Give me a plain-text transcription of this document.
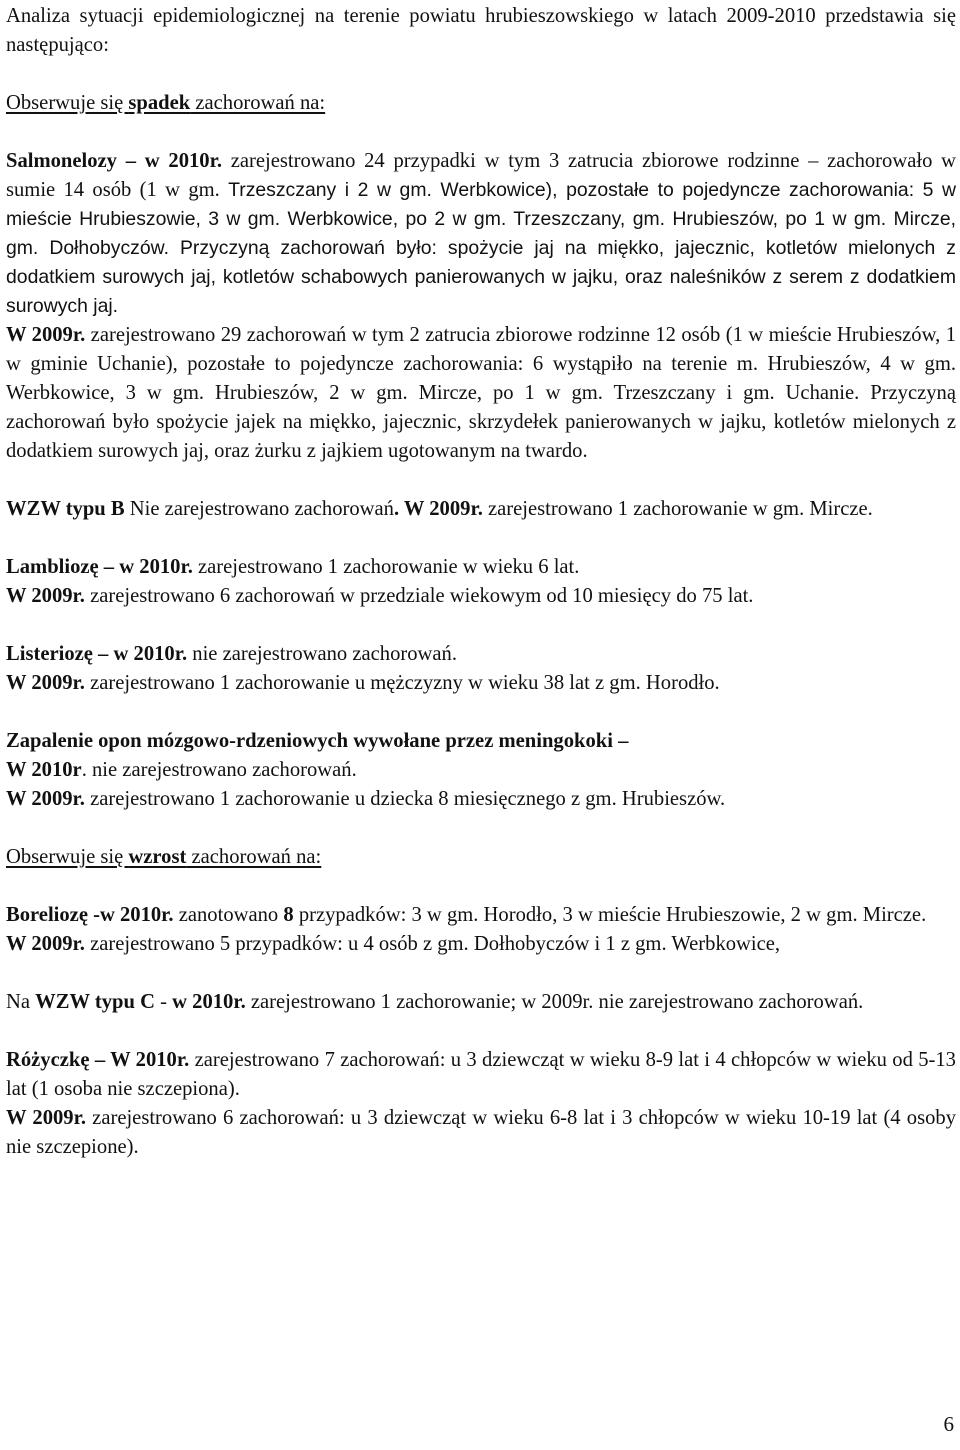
Analiza sytuacji epidemiologicznej na terenie powiatu hrubieszowskiego w latach 2009-2010 przedstawia się następująco:

Obserwuje się spadek zachorowań na:

Salmonelozy – w 2010r. zarejestrowano 24 przypadki w tym 3 zatrucia zbiorowe rodzinne – zachorowało w sumie 14 osób (1 w gm. Trzeszczany i 2 w gm. Werbkowice), pozostałe to pojedyncze zachorowania: 5 w mieście Hrubieszowie, 3 w gm. Werbkowice, po 2 w gm. Trzeszczany, gm. Hrubieszów, po 1 w gm. Mircze, gm. Dołhobyczów. Przyczyną zachorowań było: spożycie jaj na miękko, jajecznic, kotletów mielonych z dodatkiem surowych jaj, kotletów schabowych panierowanych w jajku, oraz naleśników z serem z dodatkiem surowych jaj.

W 2009r. zarejestrowano 29 zachorowań w tym 2 zatrucia zbiorowe rodzinne 12 osób (1 w mieście Hrubieszów, 1 w gminie Uchanie), pozostałe to pojedyncze zachorowania: 6 wystąpiło na terenie m. Hrubieszów, 4 w gm. Werbkowice, 3 w gm. Hrubieszów, 2 w gm. Mircze, po 1 w gm. Trzeszczany i gm. Uchanie. Przyczyną zachorowań było spożycie jajek na miękko, jajecznic, skrzydełek panierowanych w jajku, kotletów mielonych z dodatkiem surowych jaj, oraz żurku z jajkiem ugotowanym na twardo.

WZW typu B Nie zarejestrowano zachorowań. W 2009r. zarejestrowano 1 zachorowanie w gm. Mircze.

Lambliozę – w 2010r. zarejestrowano 1 zachorowanie w wieku 6 lat.

W 2009r. zarejestrowano 6 zachorowań w przedziale wiekowym od 10 miesięcy do 75 lat.

Listeriozę – w 2010r. nie zarejestrowano zachorowań.

W 2009r. zarejestrowano 1 zachorowanie u mężczyzny w wieku 38 lat z gm. Horodło.

Zapalenie opon mózgowo-rdzeniowych wywołane przez meningokoki –

W 2010r. nie zarejestrowano zachorowań.

W 2009r. zarejestrowano 1 zachorowanie u dziecka 8 miesięcznego z gm. Hrubieszów.

Obserwuje się wzrost zachorowań na:

Boreliozę -w 2010r. zanotowano 8 przypadków: 3 w gm. Horodło, 3 w mieście Hrubieszowie, 2 w gm. Mircze.

W 2009r. zarejestrowano 5 przypadków: u 4 osób z gm. Dołhobyczów i 1 z gm. Werbkowice,

Na WZW typu C - w 2010r. zarejestrowano 1 zachorowanie; w 2009r. nie zarejestrowano zachorowań.

Różyczkę – W 2010r. zarejestrowano 7 zachorowań: u 3 dziewcząt w wieku 8-9 lat i 4 chłopców w wieku od 5-13 lat (1 osoba nie szczepiona).

W 2009r. zarejestrowano 6 zachorowań: u 3 dziewcząt w wieku 6-8 lat i 3 chłopców w wieku 10-19 lat (4 osoby nie szczepione).

6
